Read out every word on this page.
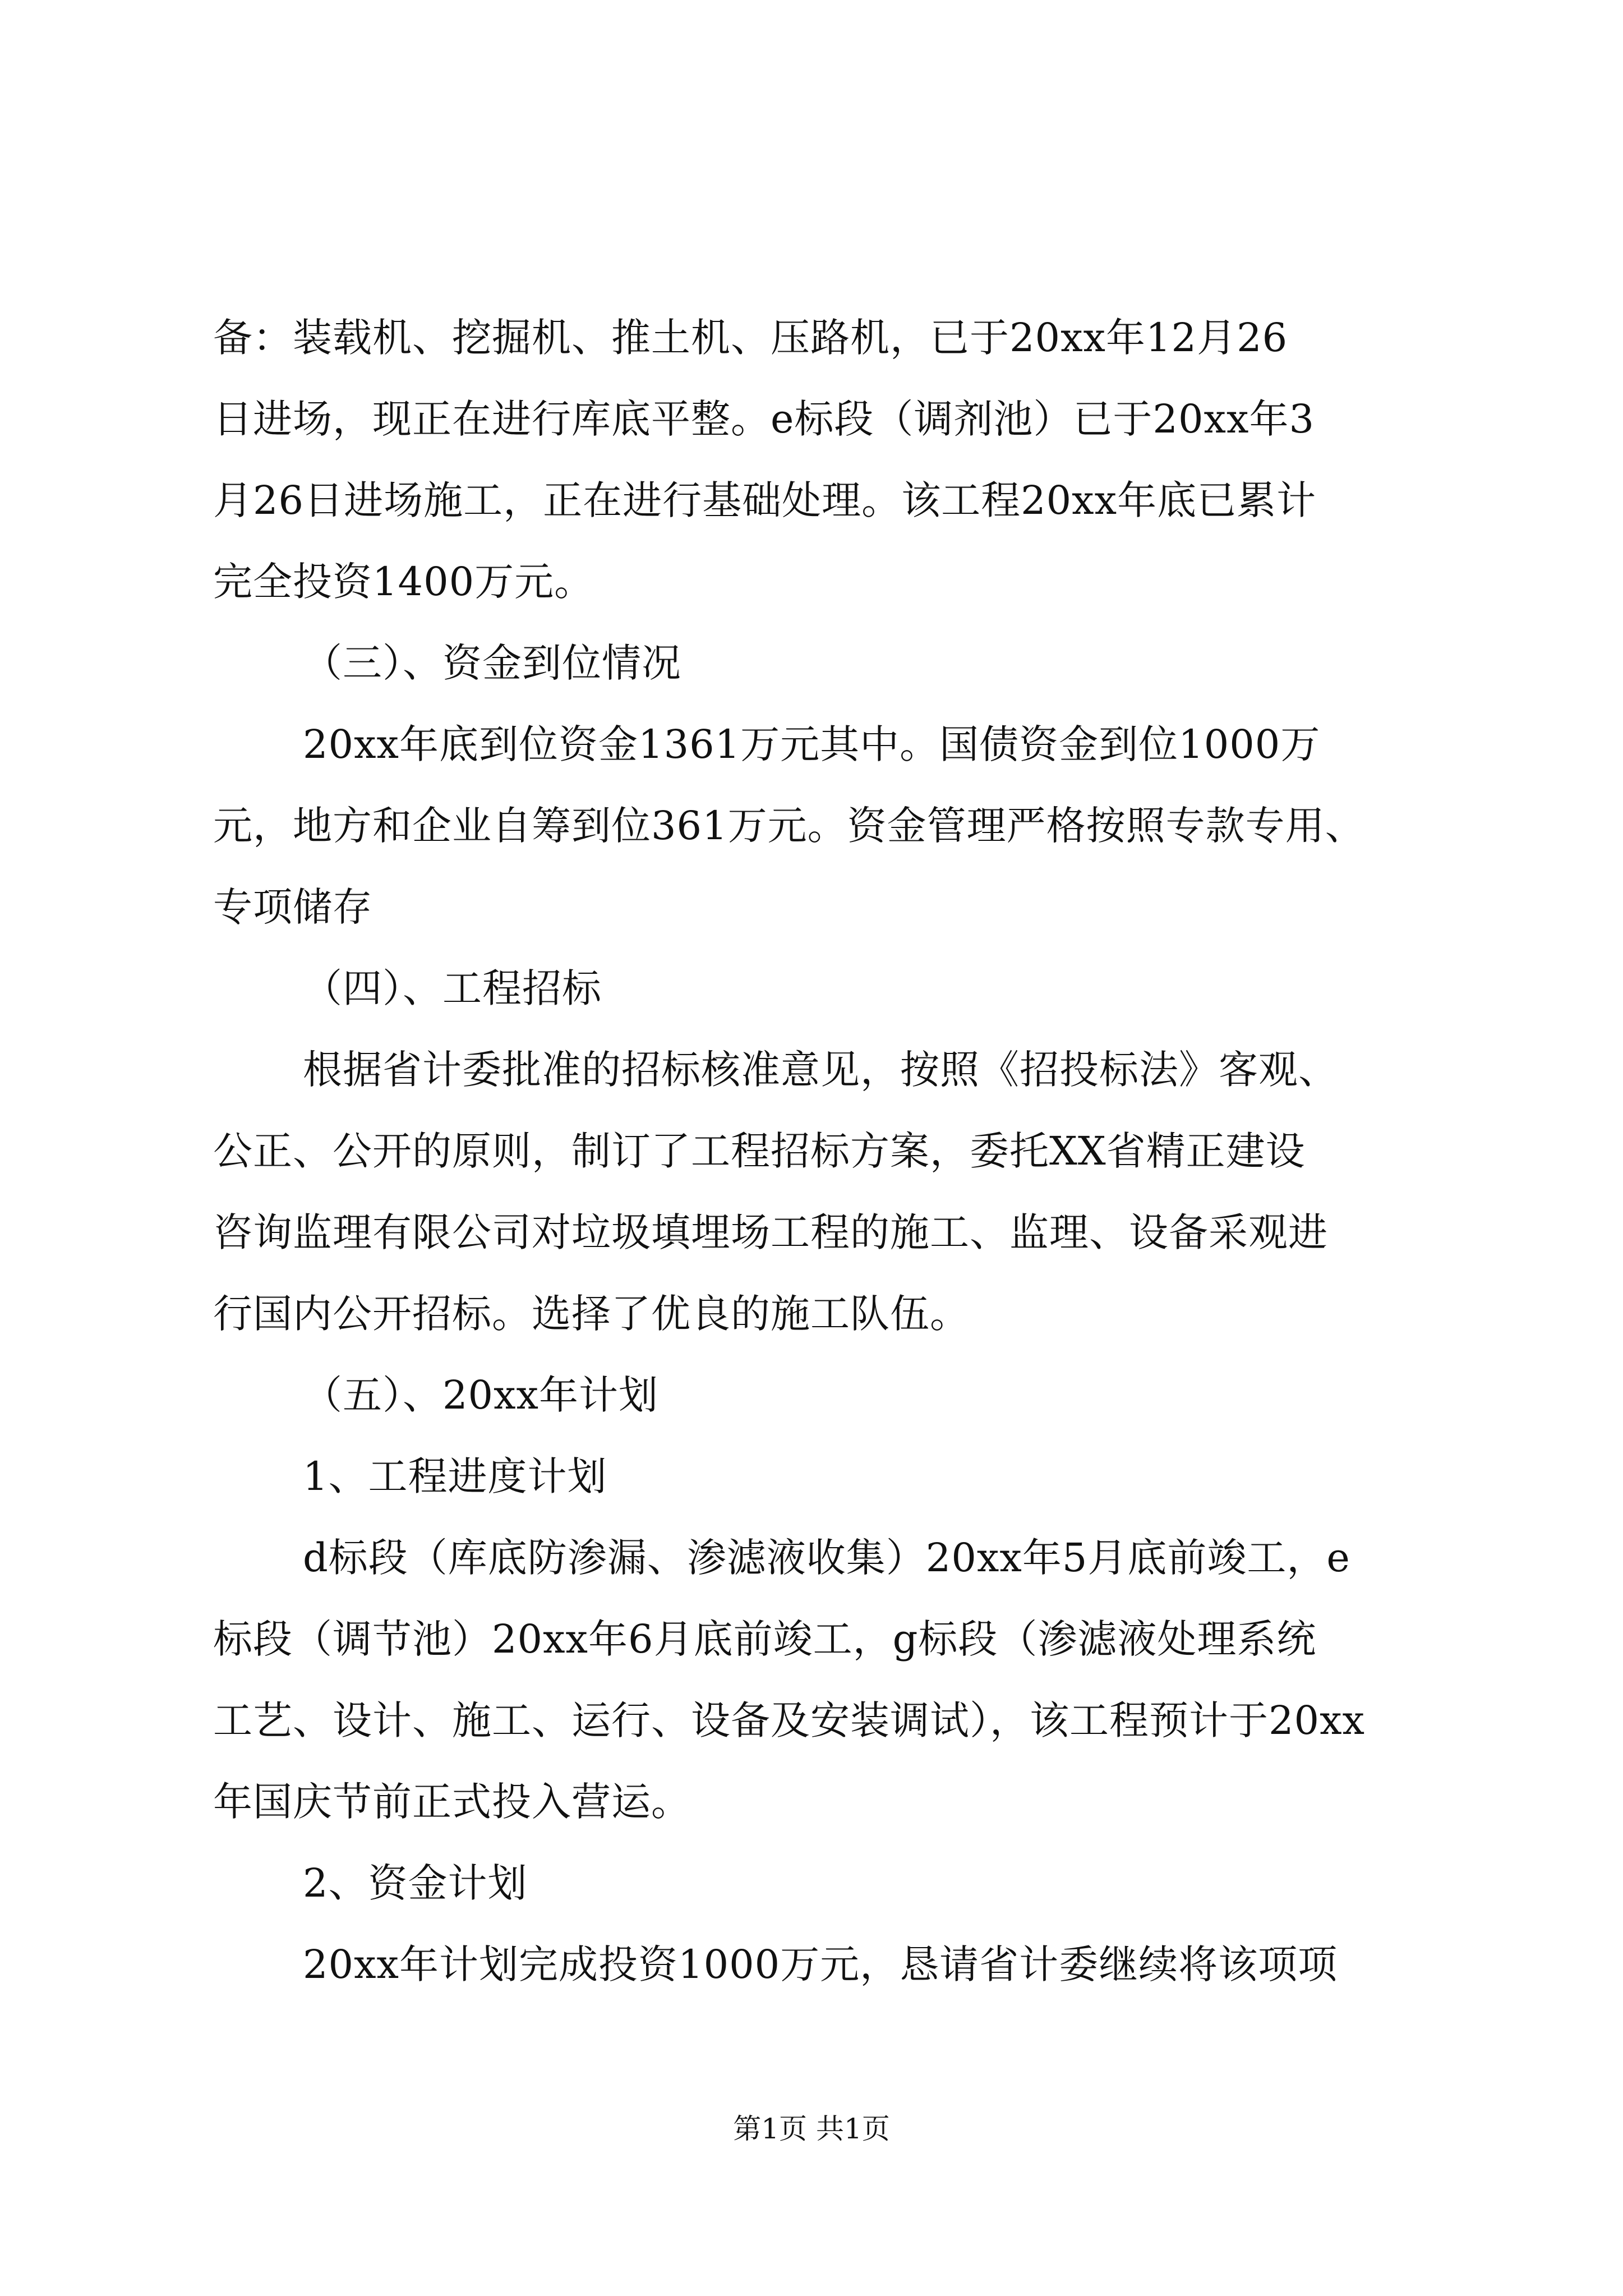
备：装载机、挖掘机、推土机、压路机，已于20xx年12月26
日进场，现正在进行库底平整。e标段（调剂池）已于20xx年3
月26日进场施工，正在进行基础处理。该工程20xx年底已累计
完全投资1400万元。
（三）、资金到位情况
20xx年底到位资金1361万元其中。国债资金到位1000万
元，地方和企业自筹到位361万元。资金管理严格按照专款专用、
专项储存
（四）、工程招标
根据省计委批准的招标核准意见，按照《招投标法》客观、
公正、公开的原则，制订了工程招标方案，委托XX省精正建设
咨询监理有限公司对垃圾填埋场工程的施工、监理、设备采观进
行国内公开招标。选择了优良的施工队伍。
（五）、20xx年计划
1、工程进度计划
d标段（库底防渗漏、渗滤液收集）20xx年5月底前竣工，e
标段（调节池）20xx年6月底前竣工，g标段（渗滤液处理系统
工艺、设计、施工、运行、设备及安装调试），该工程预计于20xx
年国庆节前正式投入营运。
2、资金计划
20xx年计划完成投资1000万元，恳请省计委继续将该项项
第1页 共1页
